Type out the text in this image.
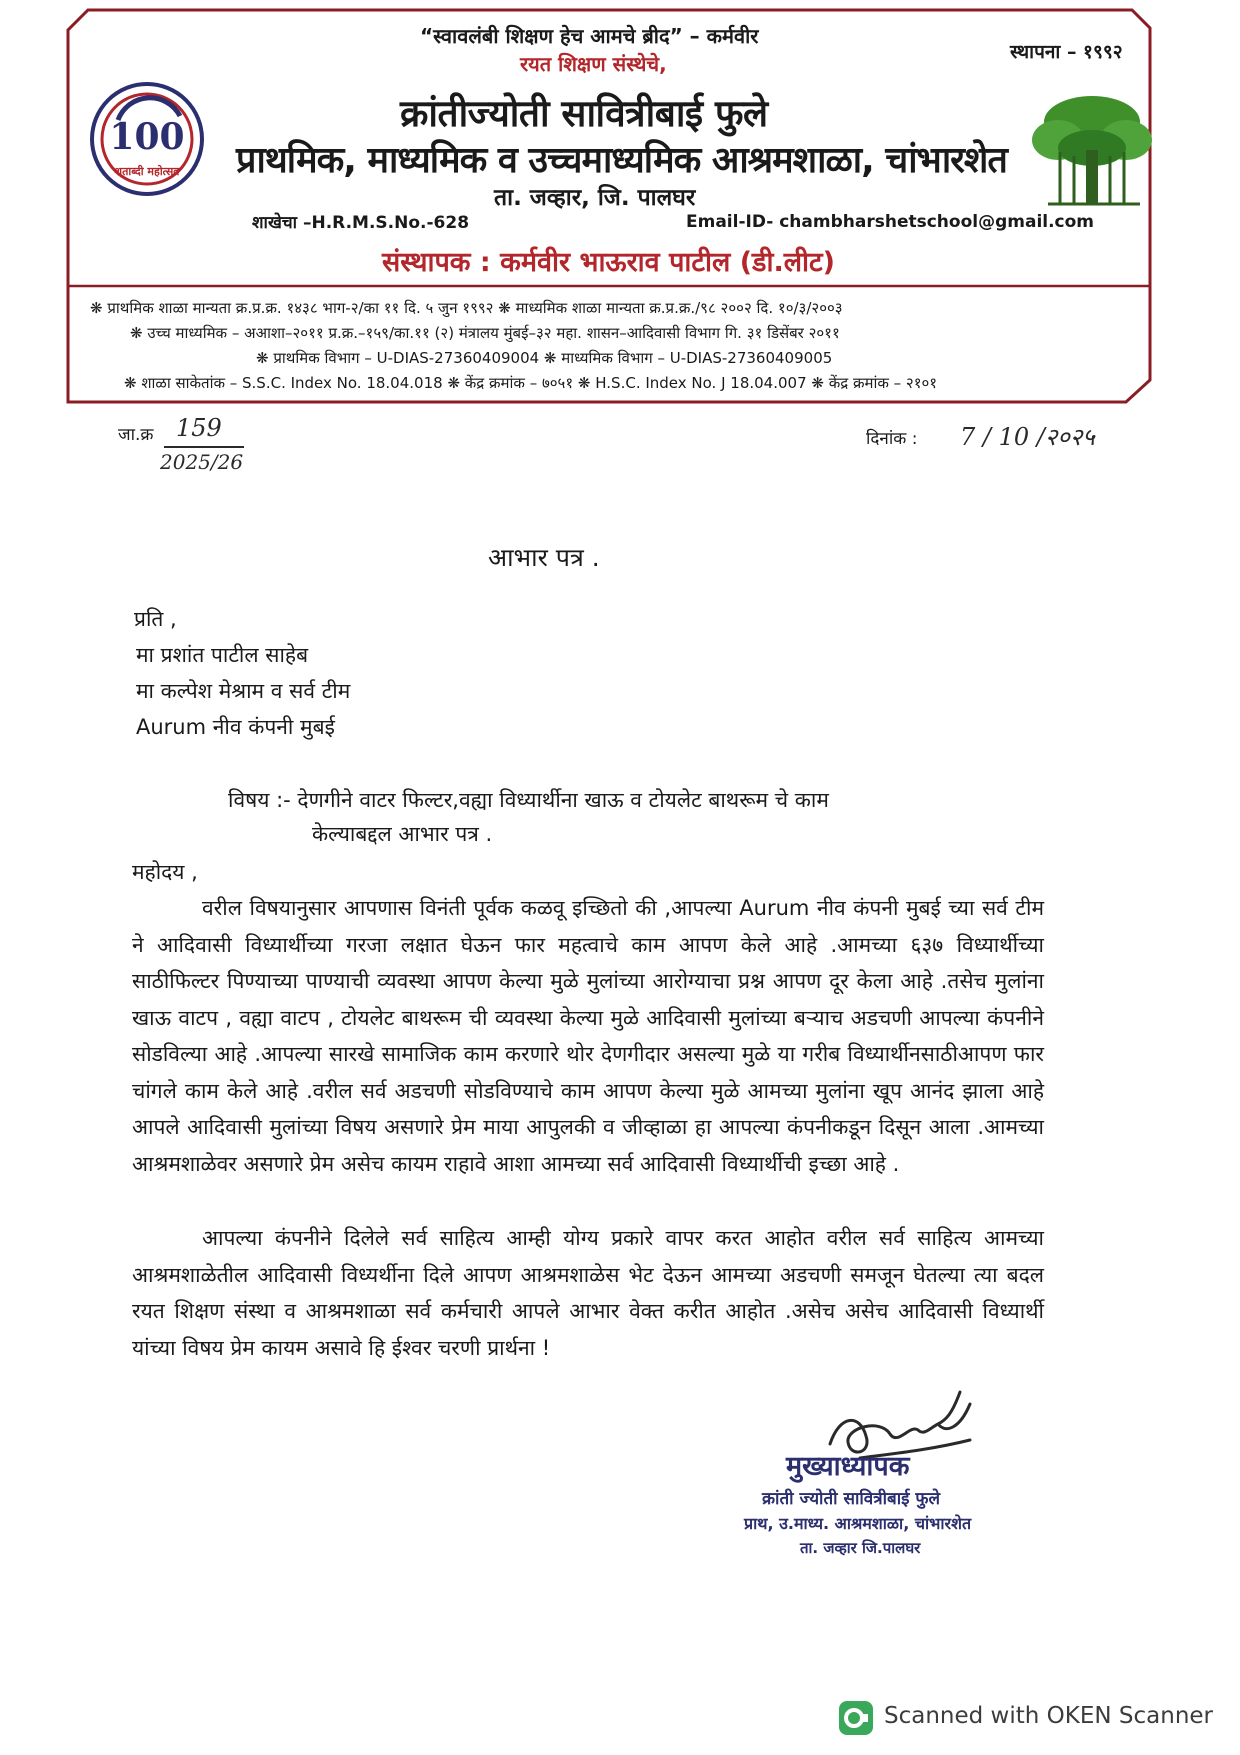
100
शताब्दी महोत्सव
“स्वावलंबी शिक्षण हेच आमचे ब्रीद” – कर्मवीर
स्थापना – १९९२
रयत शिक्षण संस्थेचे,
क्रांतीज्योती सावित्रीबाई फुले
प्राथमिक, माध्यमिक व उच्चमाध्यमिक आश्रमशाळा, चांभारशेत
ता. जव्हार, जि. पालघर
शाखेचा –H.R.M.S.No.-628	Email-ID- chambharshetschool@gmail.com
संस्थापक : कर्मवीर भाऊराव पाटील (डी.लीट)
❋ प्राथमिक शाळा मान्यता क्र.प्र.क्र. १४३८ भाग-२/का ११ दि. ५ जुन १९९२ ❋ माध्यमिक शाळा मान्यता क्र.प्र.क्र./९८ २००२ दि. १०/३/२००३
❋ उच्च माध्यमिक – अआशा–२०११ प्र.क्र.–१५९/का.११ (२) मंत्रालय मुंबई–३२ महा. शासन–आदिवासी विभाग गि. ३१ डिसेंबर २०११
❋ प्राथमिक विभाग – U-DIAS-27360409004 ❋ माध्यमिक विभाग – U-DIAS-27360409005
❋ शाळा साकेतांक – S.S.C. Index No. 18.04.018 ❋ केंद्र क्रमांक – ७०५१ ❋ H.S.C. Index No. J 18.04.007 ❋ केंद्र क्रमांक – २१०१
जा.क्र 159
2025/26
दिनांक : 7 / 10 /२०२५
आभार पत्र .
प्रति ,
मा प्रशांत पाटील साहेब
मा कल्पेश मेश्राम व सर्व टीम
Aurum नीव कंपनी मुबई
विषय :- देणगीने वाटर फिल्टर,वह्या विध्यार्थीना खाऊ व टोयलेट बाथरूम चे काम
केल्याबद्दल आभार पत्र .
महोदय ,
वरील विषयानुसार आपणास विनंती पूर्वक कळवू इच्छितो की ,आपल्या Aurum नीव कंपनी मुबई च्या सर्व टीम ने आदिवासी विध्यार्थीच्या गरजा लक्षात घेऊन फार महत्वाचे काम आपण केले आहे .आमच्या ६३७ विध्यार्थीच्या साठीफिल्टर पिण्याच्या पाण्याची व्यवस्था आपण केल्या मुळे मुलांच्या आरोग्याचा प्रश्न आपण दूर केला आहे .तसेच मुलांना खाऊ वाटप , वह्या वाटप , टोयलेट बाथरूम ची व्यवस्था केल्या मुळे आदिवासी मुलांच्या बऱ्याच अडचणी आपल्या कंपनीने सोडविल्या आहे .आपल्या सारखे सामाजिक काम करणारे थोर देणगीदार असल्या मुळे या गरीब विध्यार्थीनसाठीआपण फार चांगले काम केले आहे .वरील सर्व अडचणी सोडविण्याचे काम आपण केल्या मुळे आमच्या मुलांना खूप आनंद झाला आहे आपले आदिवासी मुलांच्या विषय असणारे प्रेम माया आपुलकी व जीव्हाळा हा आपल्या कंपनीकडून दिसून आला .आमच्या आश्रमशाळेवर असणारे प्रेम असेच कायम राहावे आशा आमच्या सर्व आदिवासी विध्यार्थीची इच्छा आहे .
आपल्या कंपनीने दिलेले सर्व साहित्य आम्ही योग्य प्रकारे वापर करत आहोत वरील सर्व साहित्य आमच्या आश्रमशाळेतील आदिवासी विध्यर्थीना दिले आपण आश्रमशाळेस भेट देऊन आमच्या अडचणी समजून घेतल्या त्या बदल रयत शिक्षण संस्था व आश्रमशाळा सर्व कर्मचारी आपले आभार वेक्त करीत आहोत .असेच असेच आदिवासी विध्यार्थी यांच्या विषय प्रेम कायम असावे हि ईश्वर चरणी प्रार्थना !
मुख्याध्यापक
क्रांती ज्योती सावित्रीबाई फुले
प्राथ, उ.माध्य. आश्रमशाळा, चांभारशेत
ता. जव्हार जि.पालघर
Scanned with OKEN Scanner
